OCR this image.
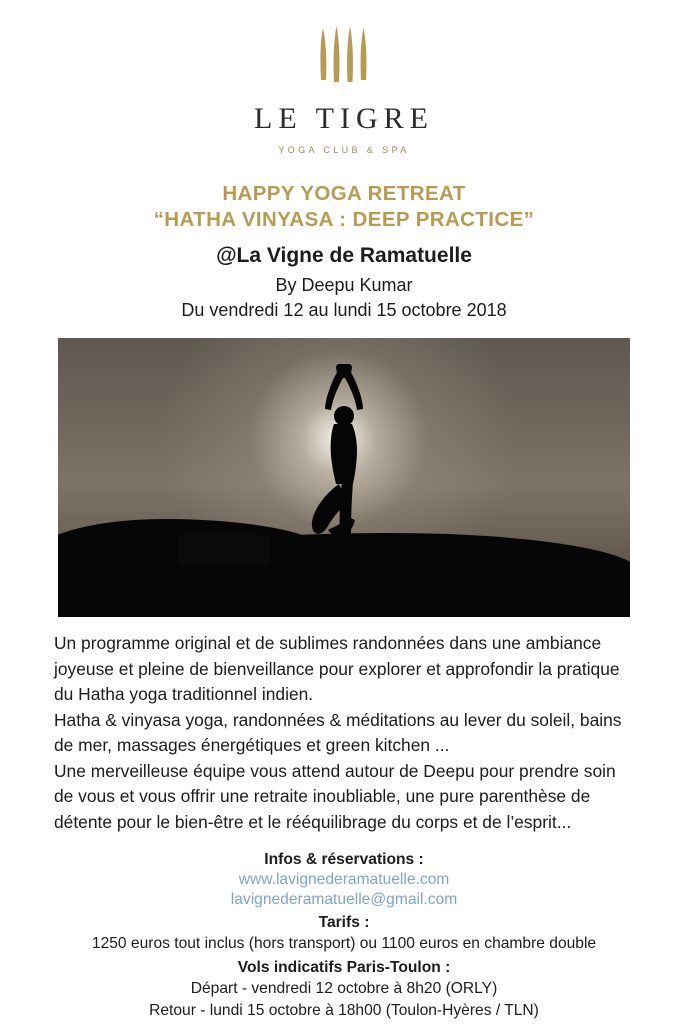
LE TIGRE
YOGA CLUB & SPA
HAPPY YOGA RETREAT
“HATHA VINYASA : DEEP PRACTICE”
@La Vigne de Ramatuelle
By Deepu Kumar
Du vendredi 12 au lundi 15 octobre 2018
Un programme original et de sublimes randonnées dans une ambiance joyeuse et pleine de bienveillance pour explorer et approfondir la pratique du Hatha yoga traditionnel indien.
Hatha & vinyasa yoga, randonnées & méditations au lever du soleil, bains de mer, massages énergétiques et green kitchen ...
Une merveilleuse équipe vous attend autour de Deepu pour prendre soin de vous et vous offrir une retraite inoubliable, une pure parenthèse de détente pour le bien-être et le rééquilibrage du corps et de l’esprit...
Infos & réservations :
www.lavignederamatuelle.com
lavignederamatuelle@gmail.com
Tarifs :
1250 euros tout inclus (hors transport) ou 1100 euros en chambre double
Vols indicatifs Paris-Toulon :
Départ - vendredi 12 octobre à 8h20 (ORLY)
Retour - lundi 15 octobre à 18h00 (Toulon-Hyères / TLN)
